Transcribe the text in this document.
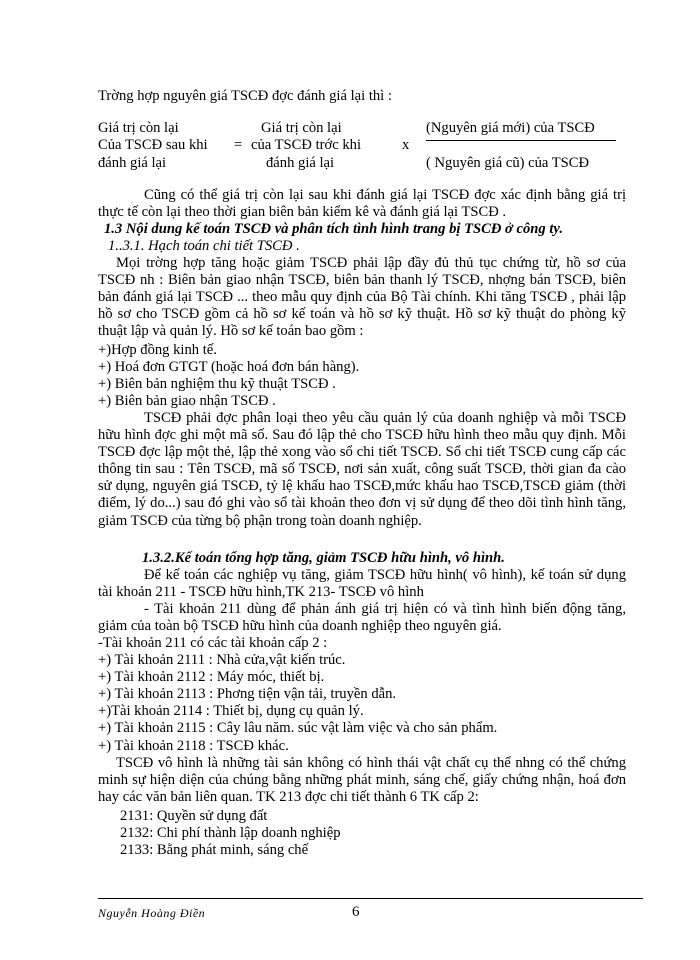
Trờng hợp nguyên giá TSCĐ đợc đánh giá lại thì :
Giá trị còn lại
Của TSCĐ sau khi
đánh giá lại
=
Giá trị còn lại
của TSCĐ trớc khi
đánh giá lại
x
(Nguyên giá mới) của TSCĐ
( Nguyên giá cũ) của TSCĐ
Cũng có thể giá trị còn lại sau khi đánh giá lại TSCĐ đợc xác định bằng giá trị thực tế còn lại theo thời gian biên bản kiểm kê và đánh giá lại TSCĐ .
1.3 Nội dung kế toán TSCĐ và phân tích tình hình trang bị TSCĐ ở công ty.
1..3.1. Hạch toán chi tiết TSCĐ .
Mọi trờng hợp tăng hoặc giảm TSCĐ phải lập đầy đủ thủ tục chứng từ, hồ sơ của TSCĐ nh : Biên bản giao nhận TSCĐ, biên bản thanh lý TSCĐ, nhợng bán TSCĐ, biên bản đánh giá lại TSCĐ ... theo mẫu quy định của Bộ Tài chính. Khi tăng TSCĐ , phải lập hồ sơ cho TSCĐ gồm cả hồ sơ kế toán và hồ sơ kỹ thuật. Hồ sơ kỹ thuật do phòng kỹ thuật lập và quản lý. Hồ sơ kế toán bao gồm :
+)Hợp đồng kinh tế.
+) Hoá đơn GTGT (hoặc hoá đơn bán hàng).
+) Biên bản nghiệm thu kỹ thuật TSCĐ .
+) Biên bản giao nhận TSCĐ .
TSCĐ phải đợc phân loại theo yêu cầu quản lý của doanh nghiệp và mỗi TSCĐ hữu hình đợc ghi một mã số. Sau đó lập thẻ cho TSCĐ hữu hình theo mẫu quy định. Mỗi TSCĐ đợc lập một thẻ, lập thẻ xong vào sổ chi tiết TSCĐ. Sổ chi tiết TSCĐ cung cấp các thông tin sau : Tên TSCĐ, mã số TSCĐ, nơi sản xuất, công suất TSCĐ, thời gian đa cào sử dụng, nguyên giá TSCĐ, tỷ lệ khấu hao TSCĐ,mức khấu hao TSCĐ,TSCĐ giảm (thời điểm, lý do...) sau đó ghi vào sổ tài khoản theo đơn vị sử dụng để theo dõi tình hình tăng, giảm TSCĐ của từng bộ phận trong toàn doanh nghiệp.
1.3.2.Kế toán tổng hợp tăng, giảm TSCĐ hữu hình, vô hình.
Để kế toán các nghiệp vụ tăng, giảm TSCĐ hữu hình( vô hình), kế toán sử dụng tài khoản 211 - TSCĐ hữu hình,TK 213- TSCĐ vô hình
- Tài khoản 211 dùng để phản ánh giá trị hiện có và tình hình biến động tăng, giảm của toàn bộ TSCĐ hữu hình của doanh nghiệp theo nguyên giá.
-Tài khoản 211 có các tài khoản cấp 2 :
+) Tài khoản 2111 : Nhà cửa,vật kiến trúc.
+) Tài khoản 2112 : Máy móc, thiết bị.
+) Tài khoản 2113 : Phơng tiện vận tải, truyền dẫn.
+)Tài khoản 2114 : Thiết bị, dụng cụ quản lý.
+) Tài khoản 2115 : Cây lâu năm. súc vật làm việc và cho sản phẩm.
+) Tài khoản 2118 : TSCĐ khác.
TSCĐ vô hình là những tài sản không có hình thái vật chất cụ thể nhng có thể chứng minh sự hiện diện của chúng bằng những phát minh, sáng chế, giấy chứng nhận, hoá đơn hay các văn bản liên quan. TK 213 đợc chi tiết thành 6 TK cấp 2:
2131: Quyền sử dụng đất
2132: Chi phí thành lập doanh nghiệp
2133: Bằng phát minh, sáng chế
Nguyễn Hoàng Điền	6
